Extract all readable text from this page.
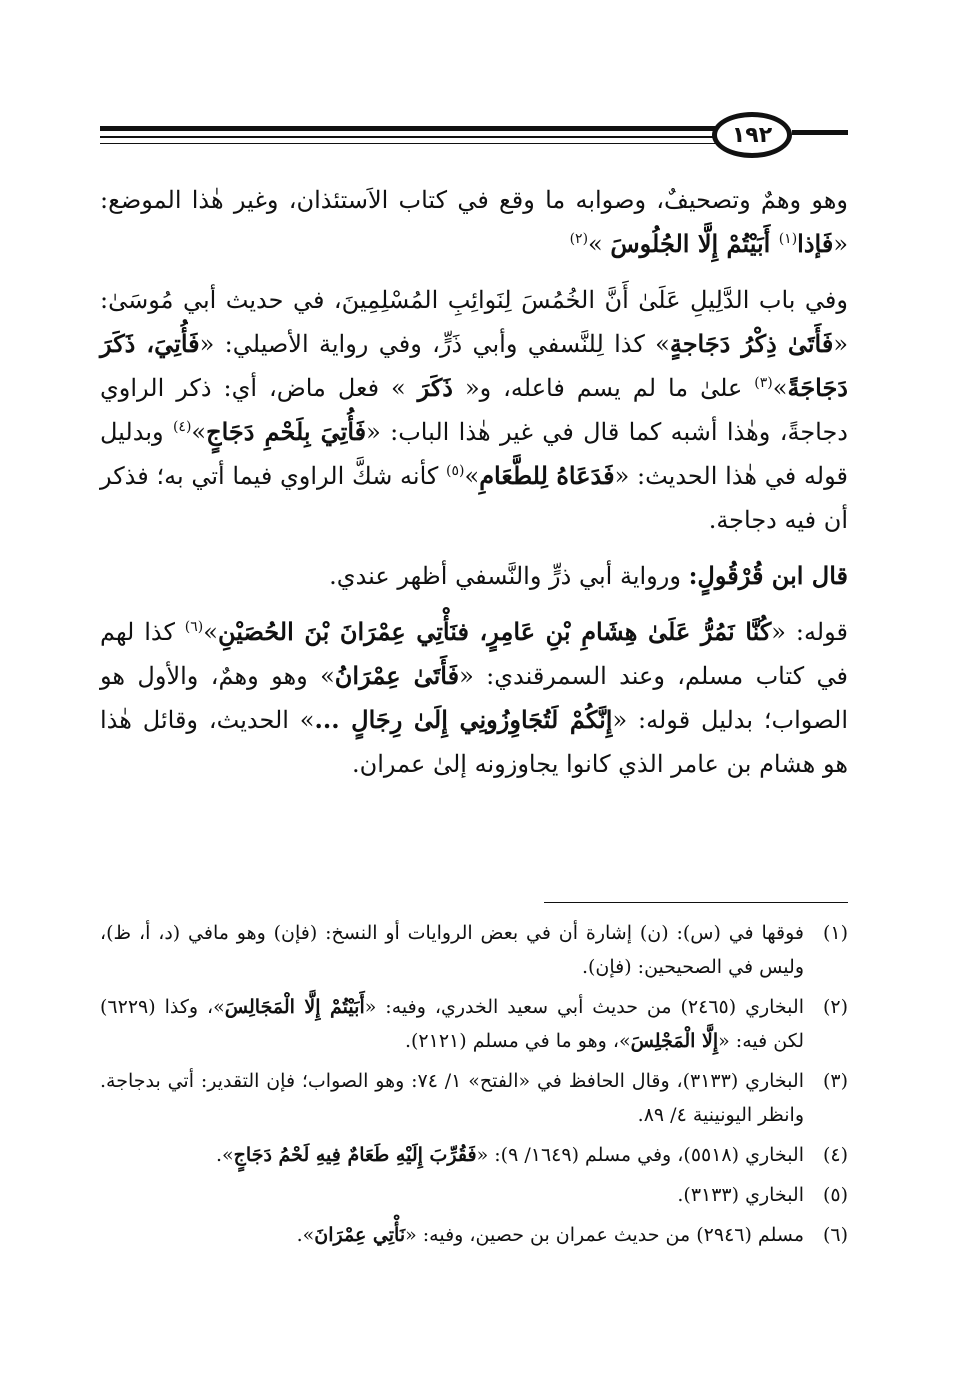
١٩٢

وهو وهمٌ وتصحيفٌ، وصوابه ما وقع في كتاب الاَستئذان، وغير هٰذا الموضع: «فَإذا$^{(١)}$ أَبَيْتُمْ إِلَّا الجُلُوسَ »$^{(٢)}$

وفي باب الدَّلِيلِ عَلَىٰ أَنَّ الخُمُسَ لِنَوائِبِ المُسْلِمِينَ، في حديث أبي مُوسَىٰ: «فَأَتَىٰ ذِكْرُ دَجَاجةٍ» كذا لِلنَّسفي وأبي ذَرٍّ، وفي رواية الأصيلي: «فَأُتِيَ، ذَكَرَ دَجَاجَةً»$^{(٣)}$ علىٰ ما لم يسم فاعله، و« ذَكَرَ » فعل ماض، أي: ذكر الراوي دجاجةً، وهٰذا أشبه كما قال في غير هٰذا الباب: «فَأُتِيَ بِلَحْمِ دَجَاجٍ»$^{(٤)}$ وبدليل قوله في هٰذا الحديث: «فَدَعَاهُ لِلطَّعَامِ»$^{(٥)}$ كأنه شكَّ الراوي فيما أتي به؛ فذكر أن فيه دجاجة.

قال ابن قُرْقُولٍ: ورواية أبي ذرٍّ والنَّسفي أظهر عندي.

قوله: «كُنَّا نَمُرُّ عَلَىٰ هِشَامِ بْنِ عَامِرٍ، فنَأْتِي عِمْرَانَ بْنَ الحُصَيْنِ»$^{(٦)}$ كذا لهم في كتاب مسلم، وعند السمرقندي: «فَأَتَىٰ عِمْرَانُ» وهو وهمٌ، والأول هو الصواب؛ بدليل قوله: «إِنَّكُمْ لَتُجَاوِزُونِي إِلَىٰ رِجَالٍ ...» الحديث، وقائل هٰذا هو هشام بن عامر الذي كانوا يجاوزونه إلىٰ عمران.

(١)
فوقها في (س): (ن) إشارة أن في بعض الروايات أو النسخ: (فإن) وهو مافي (د، أ، ظ)، وليس في الصحيحين: (فإن).
(٢)
البخاري (٢٤٦٥) من حديث أبي سعيد الخدري، وفيه: «أَبَيْتُمْ إِلَّا الْمَجَالِسَ»، وكذا (٦٢٢٩) لكن فيه: «إِلَّا الْمَجْلِسَ»، وهو ما في مسلم (٢١٢١).
(٣)
البخاري (٣١٣٣)، وقال الحافظ في «الفتح» ١/ ٧٤: وهو الصواب؛ فإن التقدير: أتي بدجاجة. وانظر اليونينية ٤/ ٨٩.
(٤)
البخاري (٥٥١٨)، وفي مسلم (١٦٤٩/ ٩): «فَقُرِّبَ إِلَيْهِ طَعَامٌ فِيهِ لَحْمُ دَجَاجٍ».
(٥)
البخاري (٣١٣٣).
(٦)
مسلم (٢٩٤٦) من حديث عمران بن حصين، وفيه: «نَأْتِي عِمْرَانَ».
